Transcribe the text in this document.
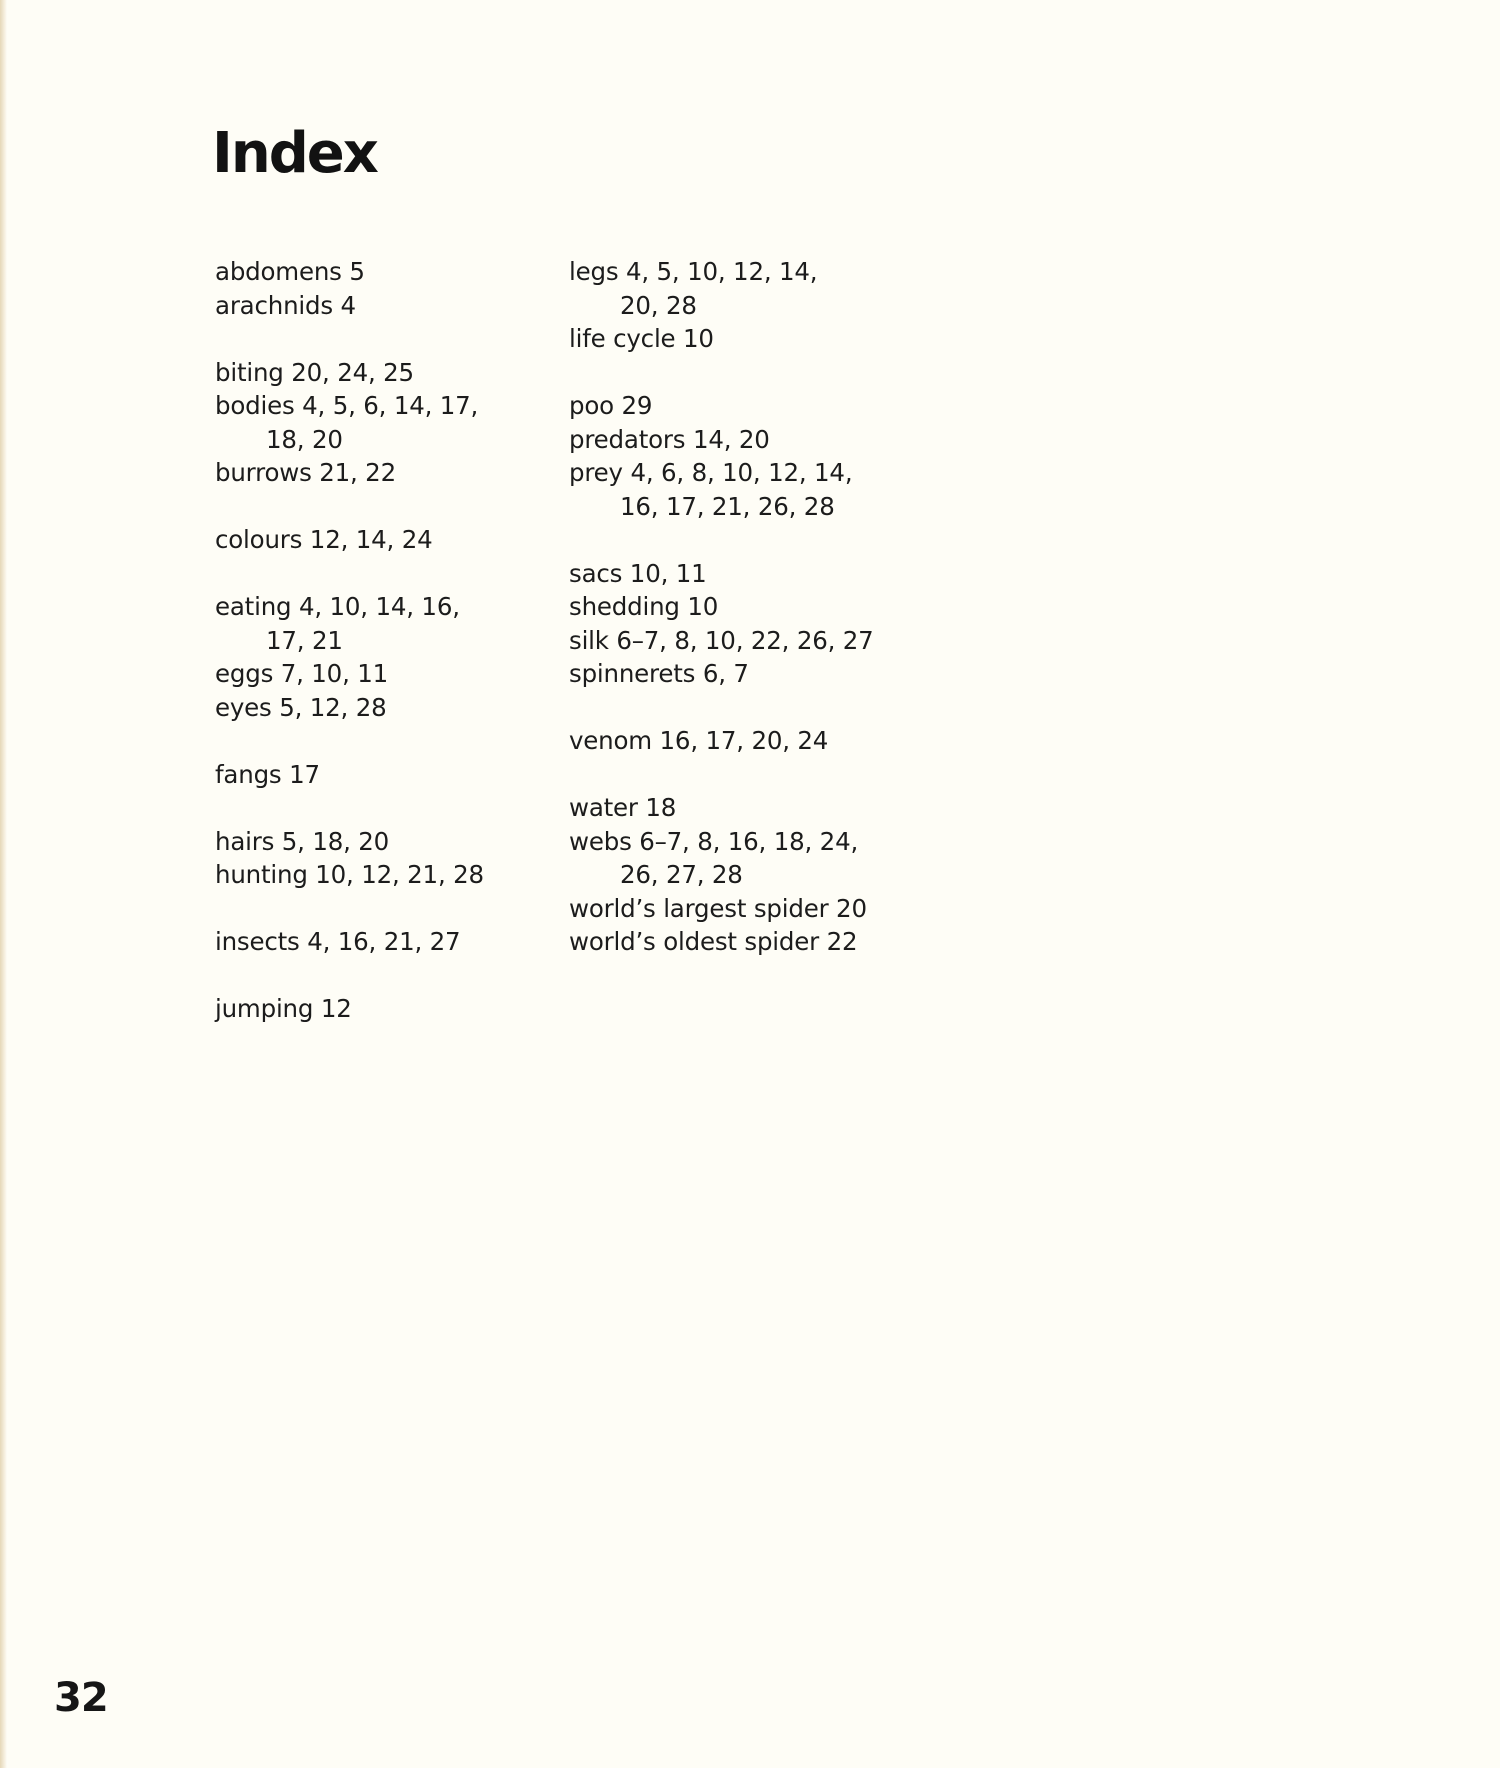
Index
abdomens 5
arachnids 4
biting 20, 24, 25
bodies 4, 5, 6, 14, 17,
18, 20
burrows 21, 22
colours 12, 14, 24
eating 4, 10, 14, 16,
17, 21
eggs 7, 10, 11
eyes 5, 12, 28
fangs 17
hairs 5, 18, 20
hunting 10, 12, 21, 28
insects 4, 16, 21, 27
jumping 12
legs 4, 5, 10, 12, 14,
20, 28
life cycle 10
poo 29
predators 14, 20
prey 4, 6, 8, 10, 12, 14,
16, 17, 21, 26, 28
sacs 10, 11
shedding 10
silk 6–7, 8, 10, 22, 26, 27
spinnerets 6, 7
venom 16, 17, 20, 24
water 18
webs 6–7, 8, 16, 18, 24,
26, 27, 28
world’s largest spider 20
world’s oldest spider 22
32
